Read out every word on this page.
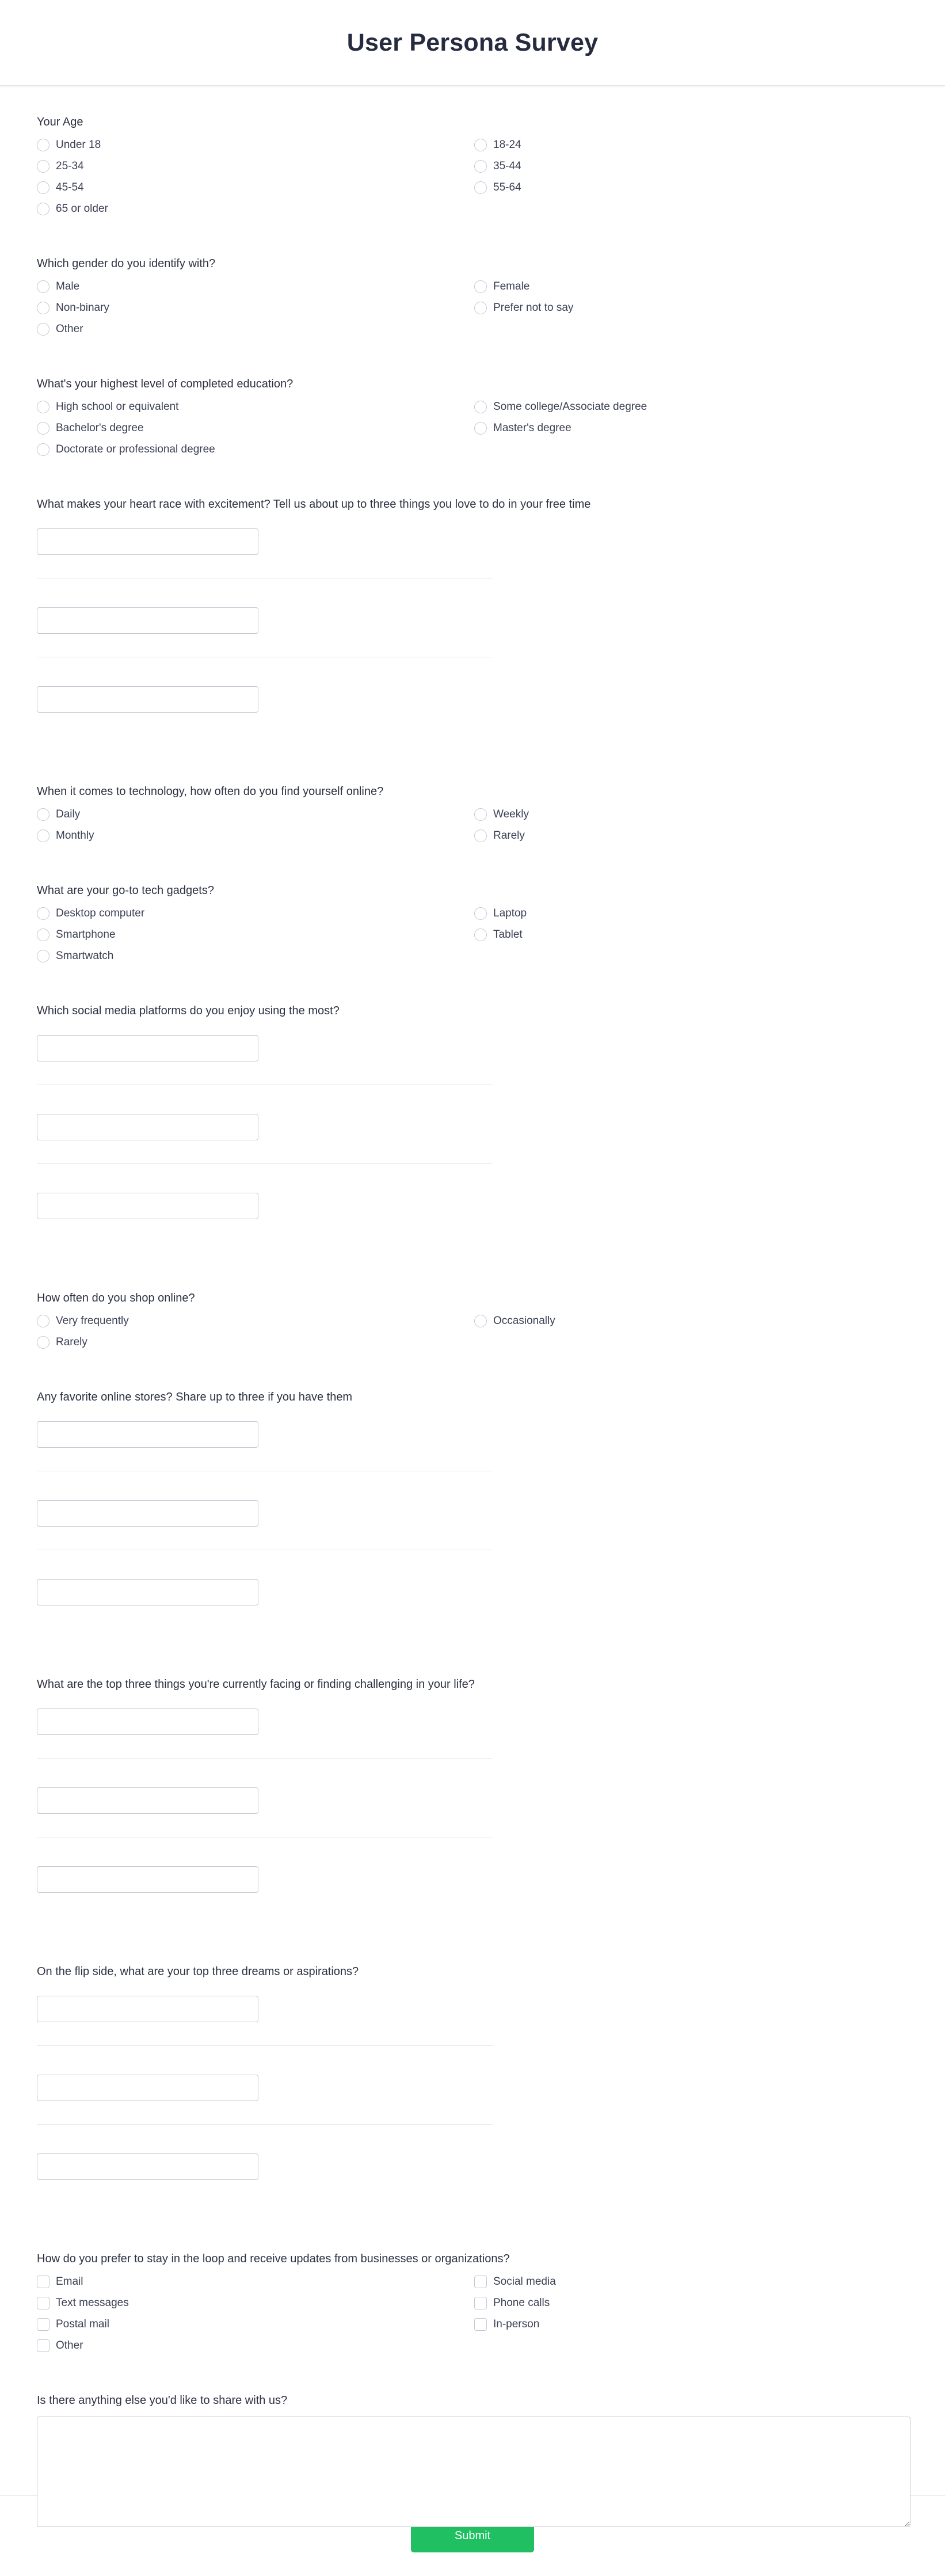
User Persona Survey

Your Age

Under 18	18-24
25-34	35-44
45-54	55-64
65 or older

Which gender do you identify with?

Male	Female
Non-binary	Prefer not to say
Other

What's your highest level of completed education?

High school or equivalent	Some college/Associate degree
Bachelor's degree	Master's degree
Doctorate or professional degree

What makes your heart race with excitement? Tell us about up to three things you love to do in your free time

When it comes to technology, how often do you find yourself online?

Daily	Weekly
Monthly	Rarely

What are your go-to tech gadgets?

Desktop computer	Laptop
Smartphone	Tablet
Smartwatch

Which social media platforms do you enjoy using the most?

How often do you shop online?

Very frequently	Occasionally
Rarely

Any favorite online stores? Share up to three if you have them

What are the top three things you're currently facing or finding challenging in your life?

On the flip side, what are your top three dreams or aspirations?

How do you prefer to stay in the loop and receive updates from businesses or organizations?

Email	Social media
Text messages	Phone calls
Postal mail	In-person
Other

Is there anything else you'd like to share with us?

Submit
